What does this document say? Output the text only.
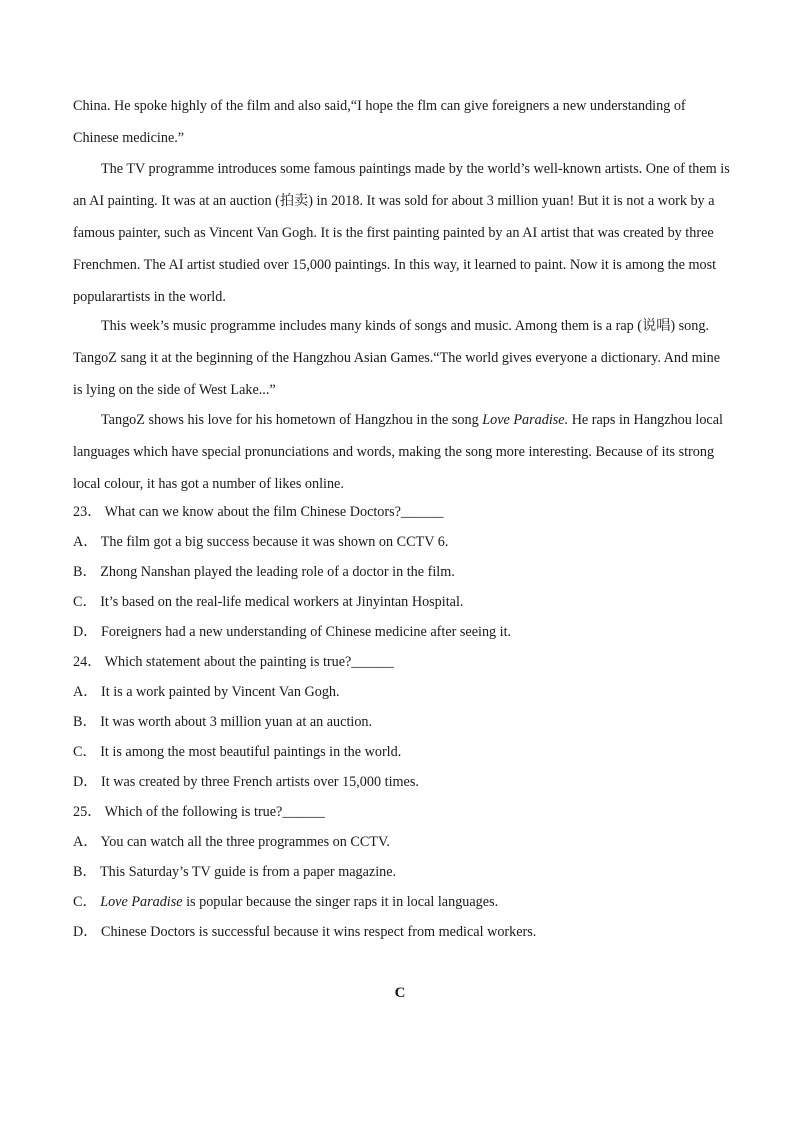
China. He spoke highly of the film and also said,“I hope the flm can give foreigners a new understanding of
Chinese medicine.”
The TV programme introduces some famous paintings made by the world’s well-known artists. One of them is
an AI painting. It was at an auction (拍卖) in 2018. It was sold for about 3 million yuan! But it is not a work by a
famous painter, such as Vincent Van Gogh. It is the first painting painted by an AI artist that was created by three
Frenchmen. The AI artist studied over 15,000 paintings. In this way, it learned to paint. Now it is among the most
popularartists in the world.
This week’s music programme includes many kinds of songs and music. Among them is a rap (说唱) song.
TangoZ sang it at the beginning of the Hangzhou Asian Games.“The world gives everyone a dictionary. And mine
is lying on the side of West Lake...”
TangoZ shows his love for his hometown of Hangzhou in the song Love Paradise. He raps in Hangzhou local
languages which have special pronunciations and words, making the song more interesting. Because of its strong
local colour, it has got a number of likes online.

23． What can we know about the film Chinese Doctors?______

A． The film got a big success because it was shown on CCTV 6.

B． Zhong Nanshan played the leading role of a doctor in the film.

C． It’s based on the real-life medical workers at Jinyintan Hospital.

D． Foreigners had a new understanding of Chinese medicine after seeing it.

24． Which statement about the painting is true?______

A． It is a work painted by Vincent Van Gogh.

B． It was worth about 3 million yuan at an auction.

C． It is among the most beautiful paintings in the world.

D． It was created by three French artists over 15,000 times.

25． Which of the following is true?______

A． You can watch all the three programmes on CCTV.

B． This Saturday’s TV guide is from a paper magazine.

C． Love Paradise is popular because the singer raps it in local languages.

D． Chinese Doctors is successful because it wins respect from medical workers.

C
